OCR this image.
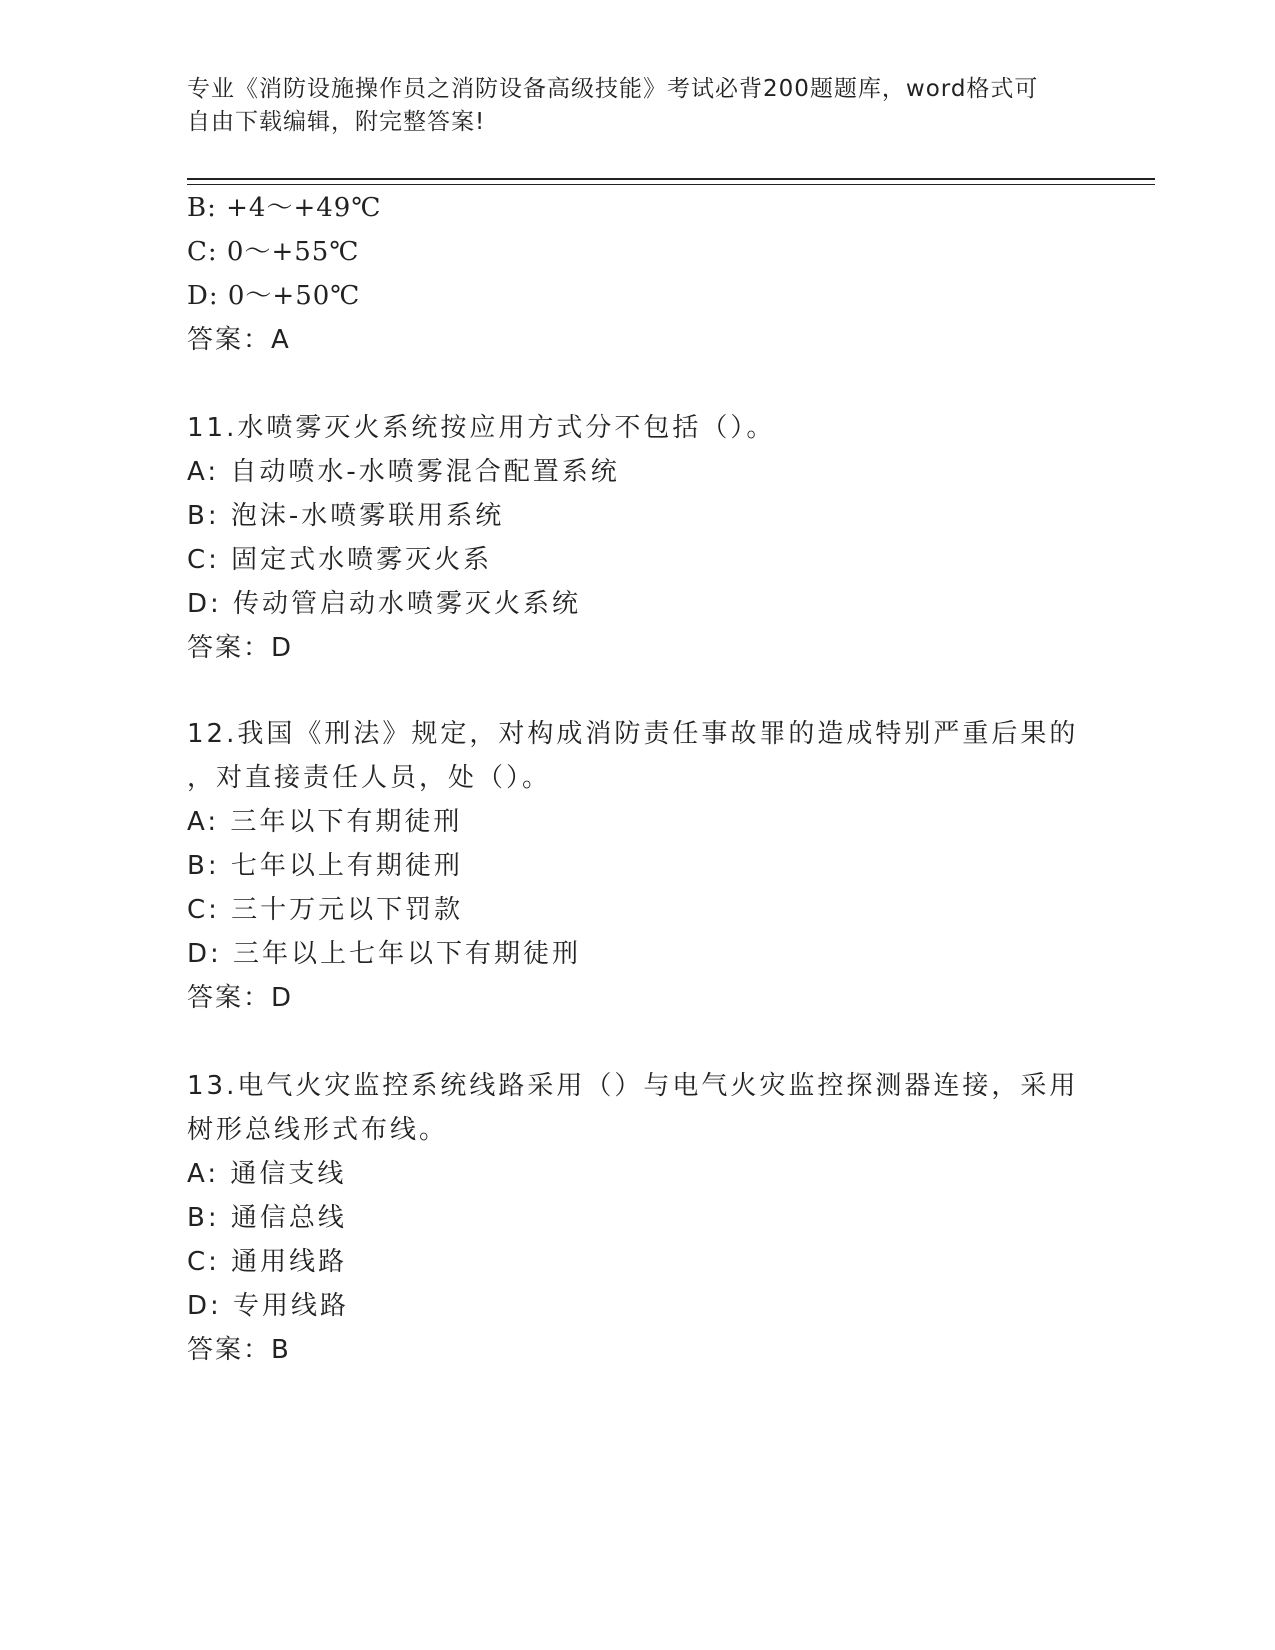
专业《消防设施操作员之消防设备高级技能》考试必背200题题库，word格式可
自由下载编辑，附完整答案!
B: +4～+49℃
C: 0～+55℃
D: 0～+50℃
答案：A
11.水喷雾灭火系统按应用方式分不包括（）。
A: 自动喷水-水喷雾混合配置系统
B: 泡沫-水喷雾联用系统
C: 固定式水喷雾灭火系
D: 传动管启动水喷雾灭火系统
答案：D
12.我国《刑法》规定，对构成消防责任事故罪的造成特别严重后果的
，对直接责任人员，处（）。
A: 三年以下有期徒刑
B: 七年以上有期徒刑
C: 三十万元以下罚款
D: 三年以上七年以下有期徒刑
答案：D
13.电气火灾监控系统线路采用（）与电气火灾监控探测器连接，采用
树形总线形式布线。
A: 通信支线
B: 通信总线
C: 通用线路
D: 专用线路
答案：B
